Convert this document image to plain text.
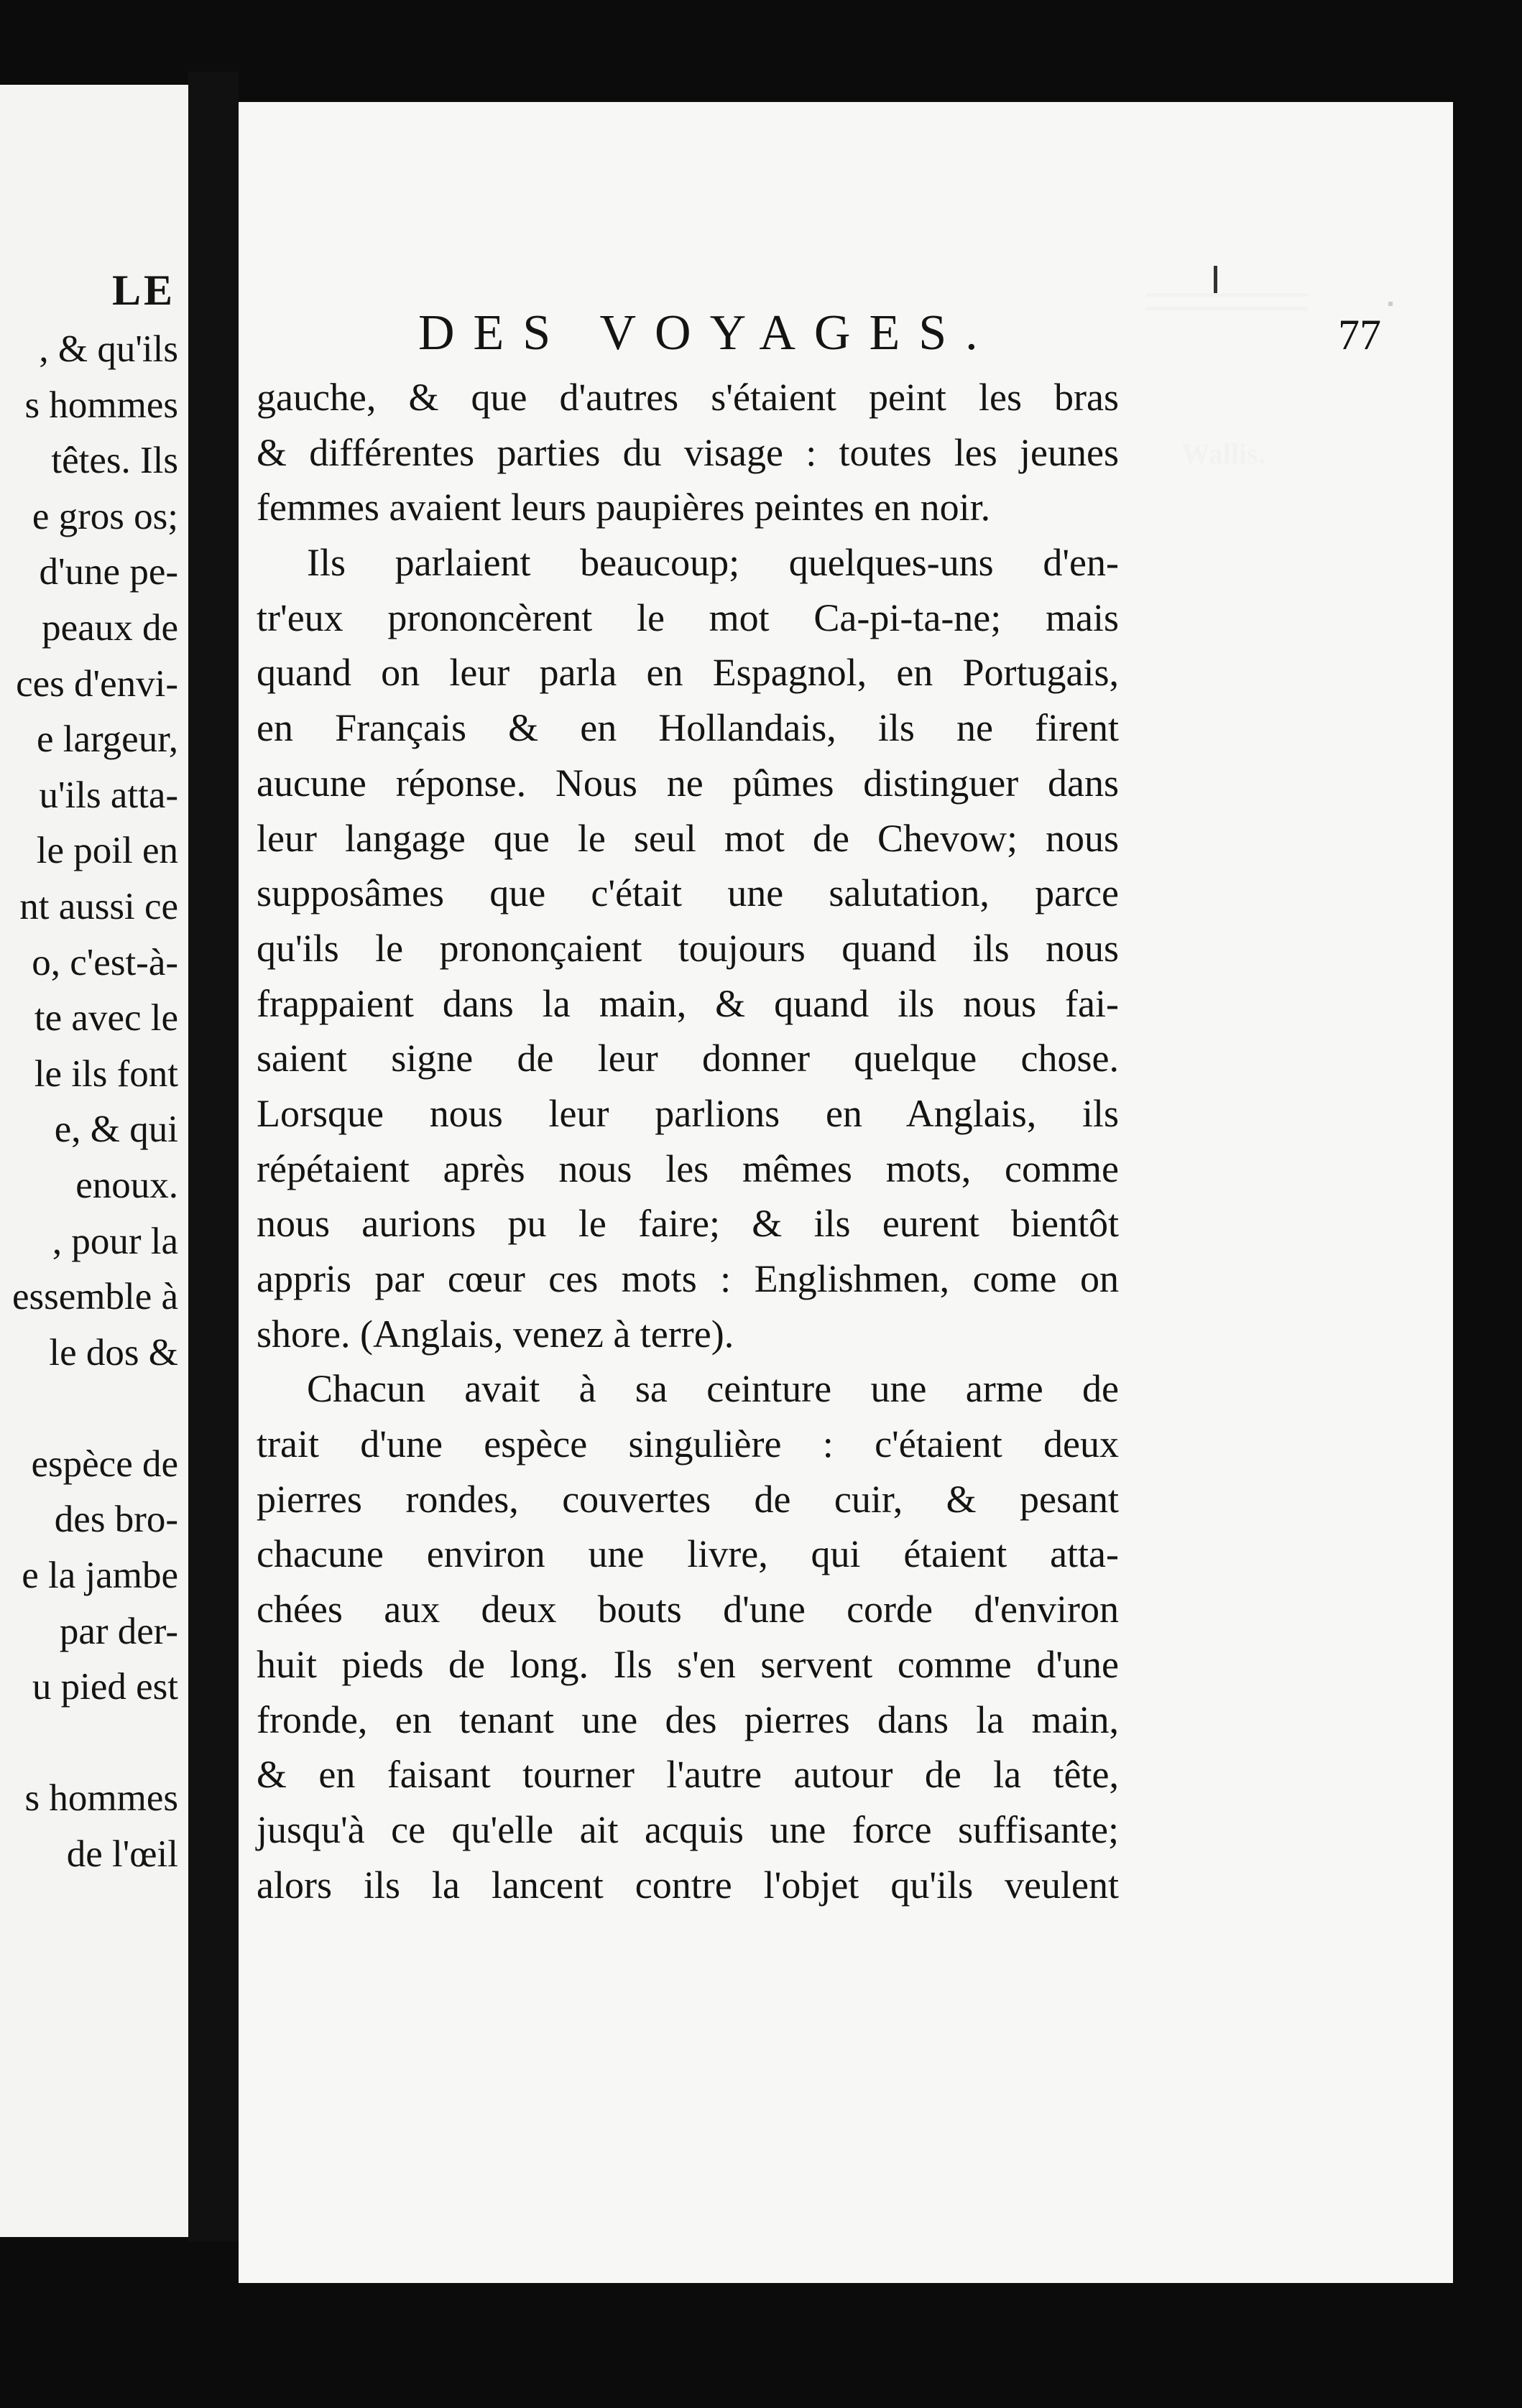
LE
, & qu'ils
s hommes
têtes. Ils
e gros os;
d'une pe-
peaux de
ces d'envi-
e largeur,
u'ils atta-
le poil en
nt aussi ce
o, c'est-à-
te avec le
le ils font
e, & qui
enoux.
, pour la
essemble à
le dos &
espèce de
des bro-
e la jambe
par der-
u pied est
s hommes
de l'œil
DES VOYAGES.	77
gauche, & que d'autres s'étaient peint les bras
& différentes parties du visage : toutes les jeunes
femmes avaient leurs paupières peintes en noir.
Ils parlaient beaucoup; quelques-uns d'en-
tr'eux prononcèrent le mot Ca-pi-ta-ne; mais
quand on leur parla en Espagnol, en Portugais,
en Français & en Hollandais, ils ne firent
aucune réponse. Nous ne pûmes distinguer dans
leur langage que le seul mot de Chevow; nous
supposâmes que c'était une salutation, parce
qu'ils le prononçaient toujours quand ils nous
frappaient dans la main, & quand ils nous fai-
saient signe de leur donner quelque chose.
Lorsque nous leur parlions en Anglais, ils
répétaient après nous les mêmes mots, comme
nous aurions pu le faire; & ils eurent bientôt
appris par cœur ces mots : Englishmen, come on
shore. (Anglais, venez à terre).
Chacun avait à sa ceinture une arme de
trait d'une espèce singulière : c'étaient deux
pierres rondes, couvertes de cuir, & pesant
chacune environ une livre, qui étaient atta-
chées aux deux bouts d'une corde d'environ
huit pieds de long. Ils s'en servent comme d'une
fronde, en tenant une des pierres dans la main,
& en faisant tourner l'autre autour de la tête,
jusqu'à ce qu'elle ait acquis une force suffisante;
alors ils la lancent contre l'objet qu'ils veulent

Wallis.
